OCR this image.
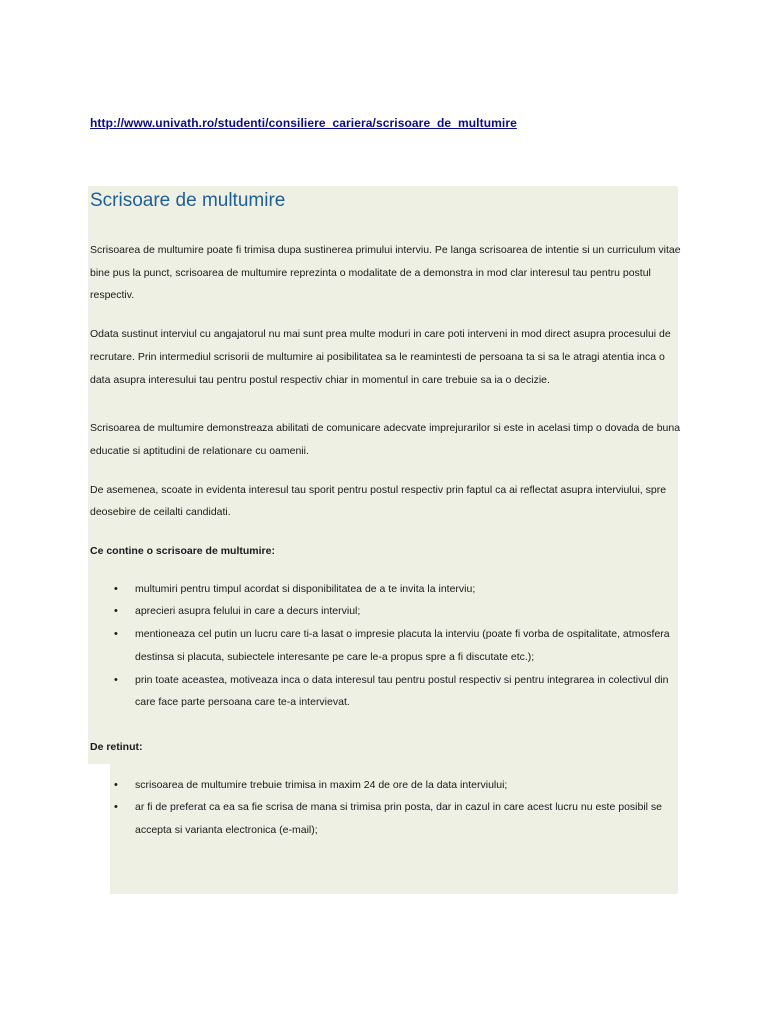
http://www.univath.ro/studenti/consiliere_cariera/scrisoare_de_multumire
Scrisoare de multumire

Scrisoarea de multumire poate fi trimisa dupa sustinerea primului interviu. Pe langa scrisoarea de intentie si un curriculum vitae bine pus la punct, scrisoarea de multumire reprezinta o modalitate de a demonstra in mod clar interesul tau pentru postul respectiv.

Odata sustinut interviul cu angajatorul nu mai sunt prea multe moduri in care poti interveni in mod direct asupra procesului de recrutare. Prin intermediul scrisorii de multumire ai posibilitatea sa le reamintesti de persoana ta si sa le atragi atentia inca o data asupra interesului tau pentru postul respectiv chiar in momentul in care trebuie sa ia o decizie.

Scrisoarea de multumire demonstreaza abilitati de comunicare adecvate imprejurarilor si este in acelasi timp o dovada de buna educatie si aptitudini de relationare cu oamenii.

De asemenea, scoate in evidenta interesul tau sporit pentru postul respectiv prin faptul ca ai reflectat asupra interviului, spre deosebire de ceilalti candidati.

Ce contine o scrisoare de multumire:
• multumiri pentru timpul acordat si disponibilitatea de a te invita la interviu;
• aprecieri asupra felului in care a decurs interviul;
• mentioneaza cel putin un lucru care ti-a lasat o impresie placuta la interviu (poate fi vorba de ospitalitate, atmosfera destinsa si placuta, subiectele interesante pe care le-a propus spre a fi discutate etc.);
• prin toate aceastea, motiveaza inca o data interesul tau pentru postul respectiv si pentru integrarea in colectivul din care face parte persoana care te-a intervievat.
De retinut:
• scrisoarea de multumire trebuie trimisa in maxim 24 de ore de la data interviului;
• ar fi de preferat ca ea sa fie scrisa de mana si trimisa prin posta, dar in cazul in care acest lucru nu este posibil se accepta si varianta electronica (e-mail);
